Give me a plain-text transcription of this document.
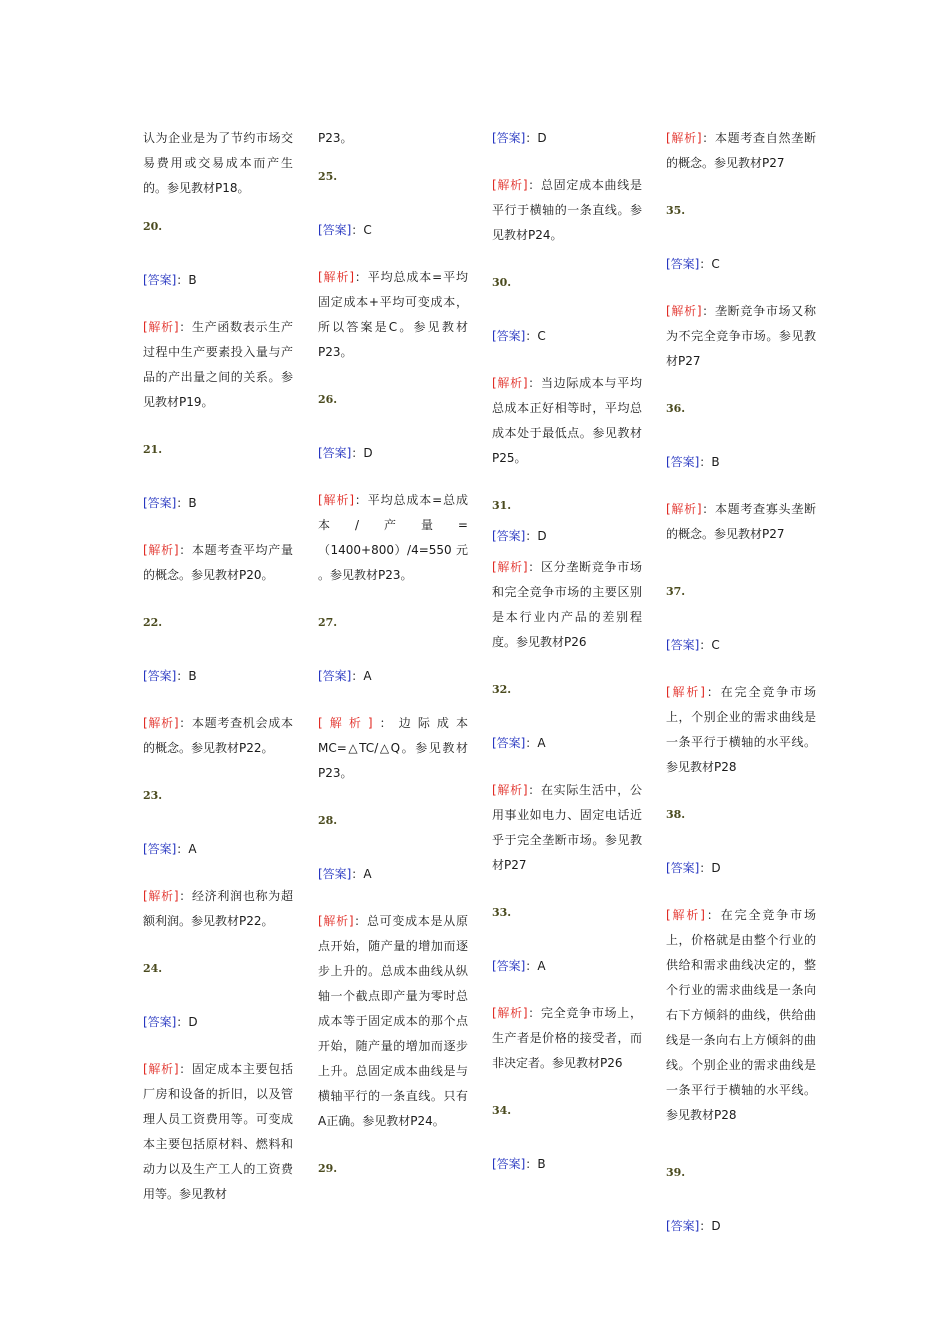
认为企业是为了节约市场交易费用或交易成本而产生的。参见教材P18。
20.
[答案]：B
[解析]：生产函数表示生产过程中生产要素投入量与产品的产出量之间的关系。参见教材P19。
21.
[答案]：B
[解析]：本题考查平均产量的概念。参见教材P20。
22.
[答案]：B
[解析]：本题考查机会成本的概念。参见教材P22。
23.
[答案]：A
[解析]：经济利润也称为超额利润。参见教材P22。
24.
[答案]：D
[解析]：固定成本主要包括厂房和设备的折旧，以及管理人员工资费用等。可变成本主要包括原材料、燃料和动力以及生产工人的工资费用等。参见教材
P23。
25.
[答案]：C
[解析]：平均总成本=平均固定成本+平均可变成本，所以答案是C。参见教材P23。
26.
[答案]：D
[解析]：平均总成本=总成本/产量=（1400+800）/4=550 元 。参见教材P23。
27.
[答案]：A
[解析]：边际成本MC=△TC/△Q。参见教材P23。
28.
[答案]：A
[解析]：总可变成本是从原点开始，随产量的增加而逐步上升的。总成本曲线从纵轴一个截点即产量为零时总成本等于固定成本的那个点开始，随产量的增加而逐步上升。总固定成本曲线是与横轴平行的一条直线。只有A正确。参见教材P24。
29.
[答案]：D
[解析]：总固定成本曲线是平行于横轴的一条直线。参见教材P24。
30.
[答案]：C
[解析]：当边际成本与平均总成本正好相等时，平均总成本处于最低点。参见教材P25。
31.
[答案]：D
[解析]：区分垄断竞争市场和完全竞争市场的主要区别是本行业内产品的差别程度。参见教材P26
32.
[答案]：A
[解析]：在实际生活中，公用事业如电力、固定电话近乎于完全垄断市场。参见教材P27
33.
[答案]：A
[解析]：完全竞争市场上，生产者是价格的接受者，而非决定者。参见教材P26
34.
[答案]：B
[解析]：本题考查自然垄断的概念。参见教材P27
35.
[答案]：C
[解析]：垄断竞争市场又称为不完全竞争市场。参见教材P27
36.
[答案]：B
[解析]：本题考查寡头垄断的概念。参见教材P27
37.
[答案]：C
[解析]：在完全竞争市场上，个别企业的需求曲线是一条平行于横轴的水平线。参见教材P28
38.
[答案]：D
[解析]：在完全竞争市场上，价格就是由整个行业的供给和需求曲线决定的，整个行业的需求曲线是一条向右下方倾斜的曲线，供给曲线是一条向右上方倾斜的曲线。个别企业的需求曲线是一条平行于横轴的水平线。参见教材P28
39.
[答案]：D
